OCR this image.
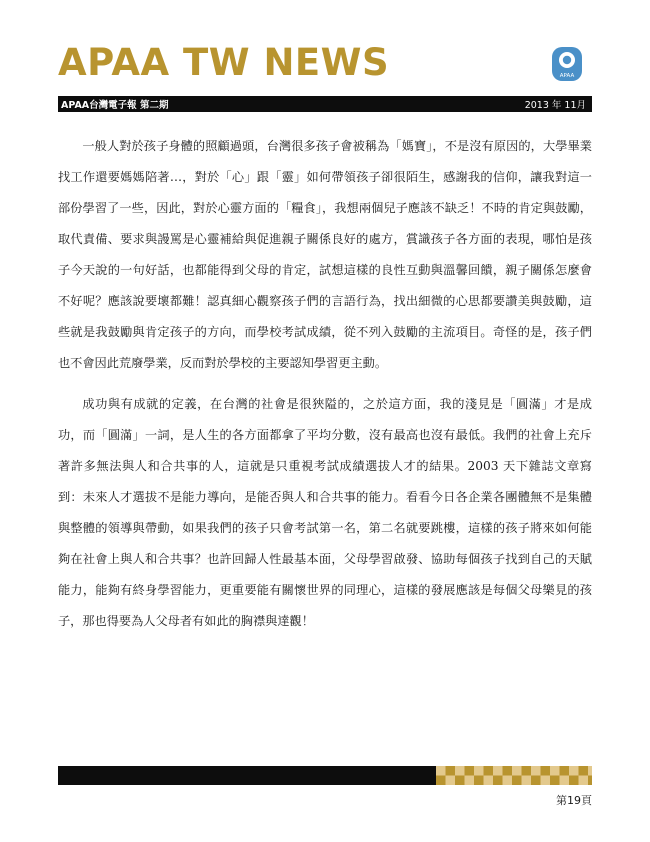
APAA TW NEWS	APAA
APAA台灣電子報 第二期	2013 年 11月

一般人對於孩子身體的照顧過頭，台灣很多孩子會被稱為「媽寶」，不是沒有原因的，大學畢業找工作還要媽媽陪著…，對於「心」跟「靈」如何帶領孩子卻很陌生，感謝我的信仰，讓我對這一部份學習了一些，因此，對於心靈方面的「糧食」，我想兩個兒子應該不缺乏！不時的肯定與鼓勵，取代責備、要求與謾罵是心靈補給與促進親子關係良好的處方，賞識孩子各方面的表現，哪怕是孩子今天說的一句好話，也都能得到父母的肯定，試想這樣的良性互動與溫馨回饋，親子關係怎麼會不好呢？應該說要壞都難！認真細心觀察孩子們的言語行為，找出細微的心思都要讚美與鼓勵，這些就是我鼓勵與肯定孩子的方向，而學校考試成績，從不列入鼓勵的主流項目。奇怪的是，孩子們也不會因此荒廢學業，反而對於學校的主要認知學習更主動。

成功與有成就的定義，在台灣的社會是很狹隘的，之於這方面，我的淺見是「圓滿」才是成功，而「圓滿」一詞，是人生的各方面都拿了平均分數，沒有最高也沒有最低。我們的社會上充斥著許多無法與人和合共事的人，這就是只重視考試成績選拔人才的結果。2003 天下雜誌文章寫到：未來人才選拔不是能力導向，是能否與人和合共事的能力。看看今日各企業各團體無不是集體與整體的領導與帶動，如果我們的孩子只會考試第一名，第二名就要跳樓，這樣的孩子將來如何能夠在社會上與人和合共事？也許回歸人性最基本面，父母學習啟發、協助每個孩子找到自己的天賦能力，能夠有終身學習能力，更重要能有關懷世界的同理心，這樣的發展應該是每個父母樂見的孩子，那也得要為人父母者有如此的胸襟與達觀！

第19頁
